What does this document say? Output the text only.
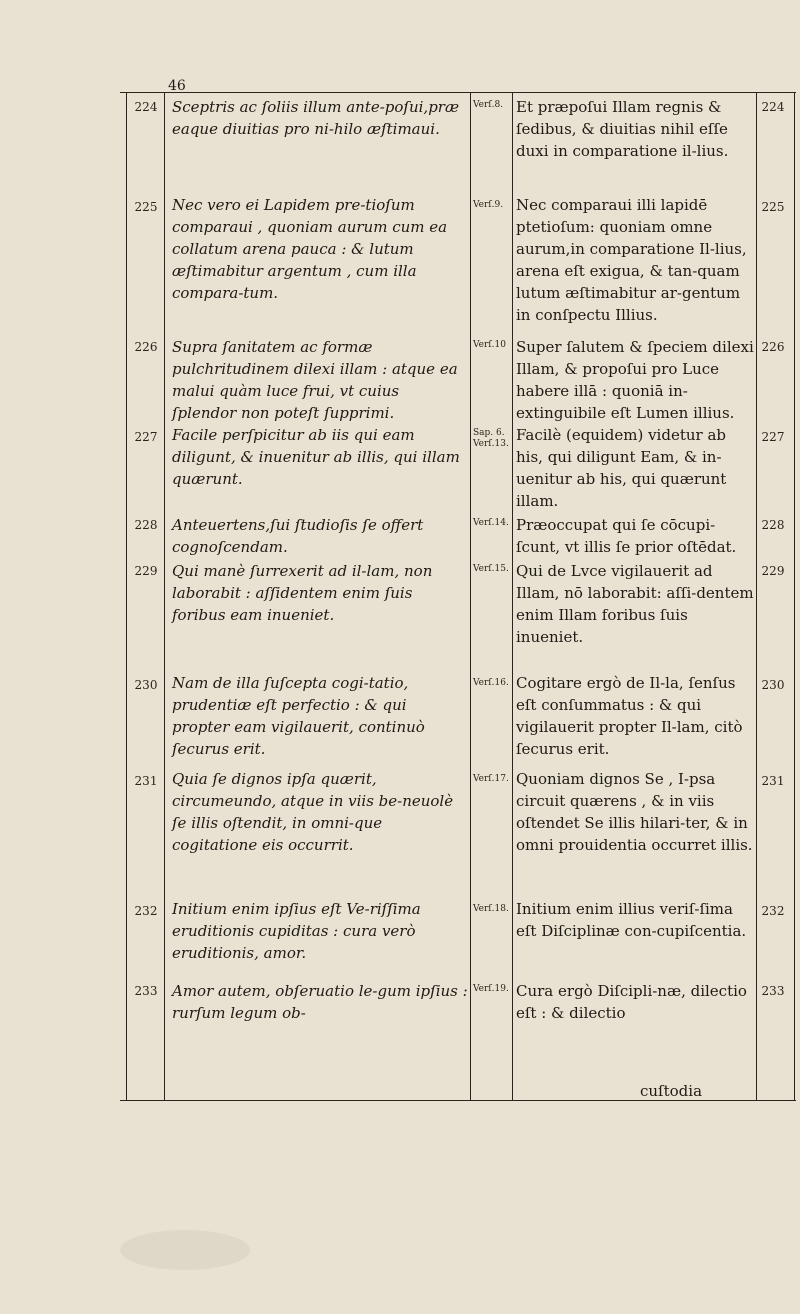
46
224 Sceptris ac ſoliis illum ante-poſui,præ eaque diuitias pro ni-hilo æſtimaui.
Verſ.8. Et præpoſui Illam regnis & ſedibus, & diuitias nihil eſſe duxi in comparatione il-lius.
224
225 Nec vero ei Lapidem pre-tioſum comparaui , quoniam aurum cum ea collatum arena pauca : & lutum æſtimabitur argentum , cum illa compara-tum.
Verſ.9. Nec comparaui illi lapidē ptetioſum: quoniam omne aurum,in comparatione Il-lius, arena eſt exigua, & tan-quam lutum æſtimabitur ar-gentum in conſpectu Illius.
225
226 Supra ſanitatem ac formæ pulchritudinem dilexi illam : atque ea malui quàm luce frui, vt cuius ſplendor non poteſt ſupprimi.
Verſ.10 Super ſalutem & ſpeciem dilexi Illam, & propoſui pro Luce habere illā : quoniā in-extinguibile eſt Lumen illius.
226
227 Facile perſpicitur ab iis qui eam diligunt, & inuenitur ab illis, qui illam quærunt.
Sap. 6. Verſ.13. Facilè (equidem) videtur ab his, qui diligunt Eam, & in-uenitur ab his, qui quærunt illam.
227
228 Anteuertens,ſui ſtudioſis ſe offert cognoſcendam.
Verſ.14. Præoccupat qui ſe cōcupi-ſcunt, vt illis ſe prior oſtēdat.
228
229 Qui manè ſurrexerit ad il-lam, non laborabit : aſſidentem enim ſuis foribus eam inueniet.
Verſ.15. Qui de Lvce vigilauerit ad Illam, nō laborabit: aſſi-dentem enim Illam foribus ſuis inueniet.
229
230 Nam de illa ſuſcepta cogi-tatio, prudentiæ eſt perfectio : & qui propter eam vigilauerit, continuò ſecurus erit.
Verſ.16. Cogitare ergò de Il-la, ſenſus eſt conſummatus : & qui vigilauerit propter Il-lam, citò ſecurus erit.
230
231 Quia ſe dignos ipſa quærit, circumeundo, atque in viis be-neuolè ſe illis oſtendit, in omni-que cogitatione eis occurrit.
Verſ.17. Quoniam dignos Se , I-psa circuit quærens , & in viis oſtendet Se illis hilari-ter, & in omni prouidentia occurret illis.
231
232 Initium enim ipſius eſt Ve-riſſima eruditionis cupiditas : cura verò eruditionis, amor.
Verſ.18. Initium enim illius veriſ-ſima eſt Diſciplinæ con-cupiſcentia.
232
233 Amor autem, obſeruatio le-gum ipſius : rurſum legum ob-
Verſ.19. Cura ergò Diſcipli-næ, dilectio eſt : & dilectio
233
cuſtodia
